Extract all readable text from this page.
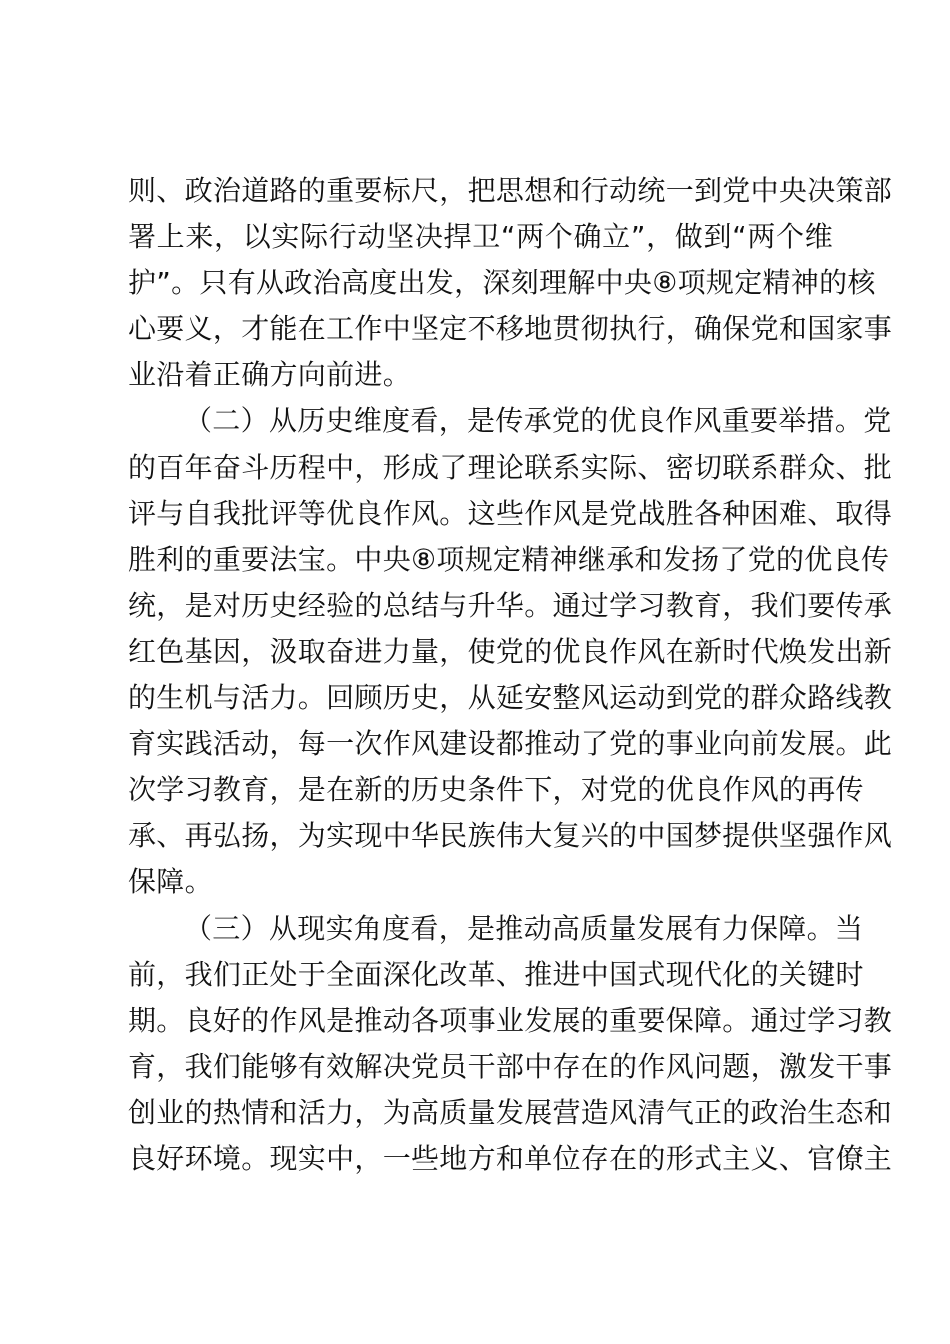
则、政治道路的重要标尺，把思想和行动统一到党中央决策部
署上来，以实际行动坚决捍卫“两个确立”，做到“两个维
护”。只有从政治高度出发，深刻理解中央⑧项规定精神的核
心要义，才能在工作中坚定不移地贯彻执行，确保党和国家事
业沿着正确方向前进。
（二）从历史维度看，是传承党的优良作风重要举措。党
的百年奋斗历程中，形成了理论联系实际、密切联系群众、批
评与自我批评等优良作风。这些作风是党战胜各种困难、取得
胜利的重要法宝。中央⑧项规定精神继承和发扬了党的优良传
统，是对历史经验的总结与升华。通过学习教育，我们要传承
红色基因，汲取奋进力量，使党的优良作风在新时代焕发出新
的生机与活力。回顾历史，从延安整风运动到党的群众路线教
育实践活动，每一次作风建设都推动了党的事业向前发展。此
次学习教育，是在新的历史条件下，对党的优良作风的再传
承、再弘扬，为实现中华民族伟大复兴的中国梦提供坚强作风
保障。
（三）从现实角度看，是推动高质量发展有力保障。当
前，我们正处于全面深化改革、推进中国式现代化的关键时
期。良好的作风是推动各项事业发展的重要保障。通过学习教
育，我们能够有效解决党员干部中存在的作风问题，激发干事
创业的热情和活力，为高质量发展营造风清气正的政治生态和
良好环境。现实中，一些地方和单位存在的形式主义、官僚主
